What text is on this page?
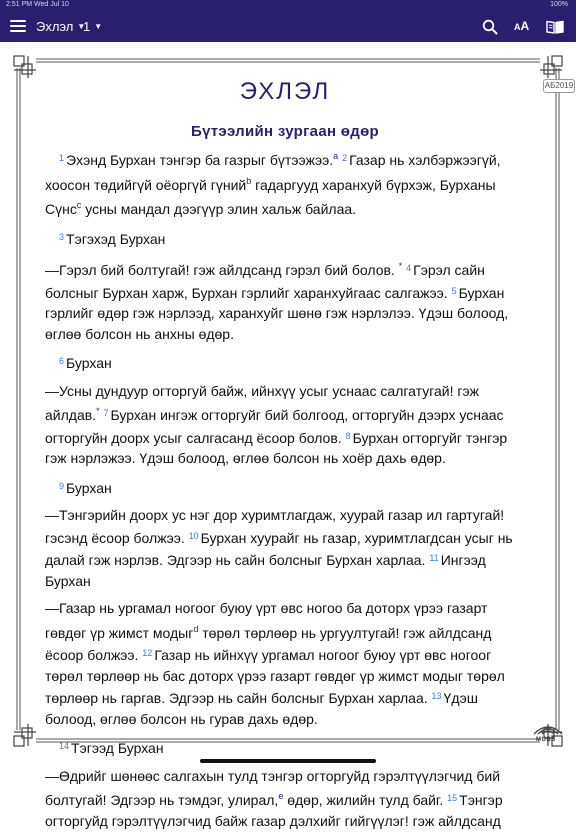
2:51 PM Wed Jul 10	100%
Эхлэл ▼
1 ▼	AA
АБ2019
ЭХЛЭЛ
Бүтээлийн зургаан өдөр

$^1$ Эхэнд Бурхан тэнгэр ба газрыг бүтээжээ.$^a$ $^2$ Газар нь хэлбэржээгүй, хоосон төдийгүй оёоргүй гүний$^b$ гадаргууд харанхуй бүрхэж, Бурханы Сүнс$^c$ усны мандал дээгүүр элин хальж байлаа.

$^3$ Тэгэхэд Бурхан

—Гэрэл бий болтугай! гэж айлдсанд гэрэл бий болов. * $^4$ Гэрэл сайн болсныг Бурхан харж, Бурхан гэрлийг харанхуйгаас салгажээ. $^5$ Бурхан гэрлийг өдөр гэж нэрлээд, харанхуйг шөнө гэж нэрлэлээ. Үдэш болоод, өглөө болсон нь анхны өдөр.

$^6$ Бурхан

—Усны дундуур огторгуй байж, ийнхүү усыг уснаас салгатугай! гэж айлдав.* $^7$ Бурхан ингэж огторгуйг бий болгоод, огторгуйн дээрх уснаас огторгуйн доорх усыг салгасанд ёсоор болов. $^8$ Бурхан огторгуйг тэнгэр гэж нэрлэжээ. Үдэш болоод, өглөө болсон нь хоёр дахь өдөр.

$^9$ Бурхан

—Тэнгэрийн доорх ус нэг дор хуримтлагдаж, хуурай газар ил гартугай! гэсэнд ёсоор болжээ. $^{10}$ Бурхан хуурайг нь газар, хуримтлагдсан усыг нь далай гэж нэрлэв. Эдгээр нь сайн болсныг Бурхан харлаа. $^{11}$ Ингээд Бурхан

—Газар нь ургамал ногоог буюу үрт өвс ногоо ба доторх үрээ газарт гөвдөг үр жимст модыг$^d$ төрөл төрлөөр нь ургуултугай! гэж айлдсанд ёсоор болжээ. $^{12}$ Газар нь ийнхүү ургамал ногоог буюу үрт өвс ногоог төрөл төрлөөр нь бас доторх үрээ газарт гөвдөг үр жимст модыг төрөл төрлөөр нь гаргав. Эдгээр нь сайн болсныг Бурхан харлаа. $^{13}$ Үдэш болоод, өглөө болсон нь гурав дахь өдөр.

$^{14}$ Тэгээд Бурхан

—Өдрийг шөнөөс салгахын тулд тэнгэр огторгуйд гэрэлтүүлэгчид бий болтугай! Эдгээр нь тэмдэг, улирал,$^e$ өдөр, жилийн тулд байг. $^{15}$ Тэнгэр огторгуйд гэрэлтүүлэгчид байж газар дэлхийг гийгүүлэг! гэж айлдсанд

MUBS
